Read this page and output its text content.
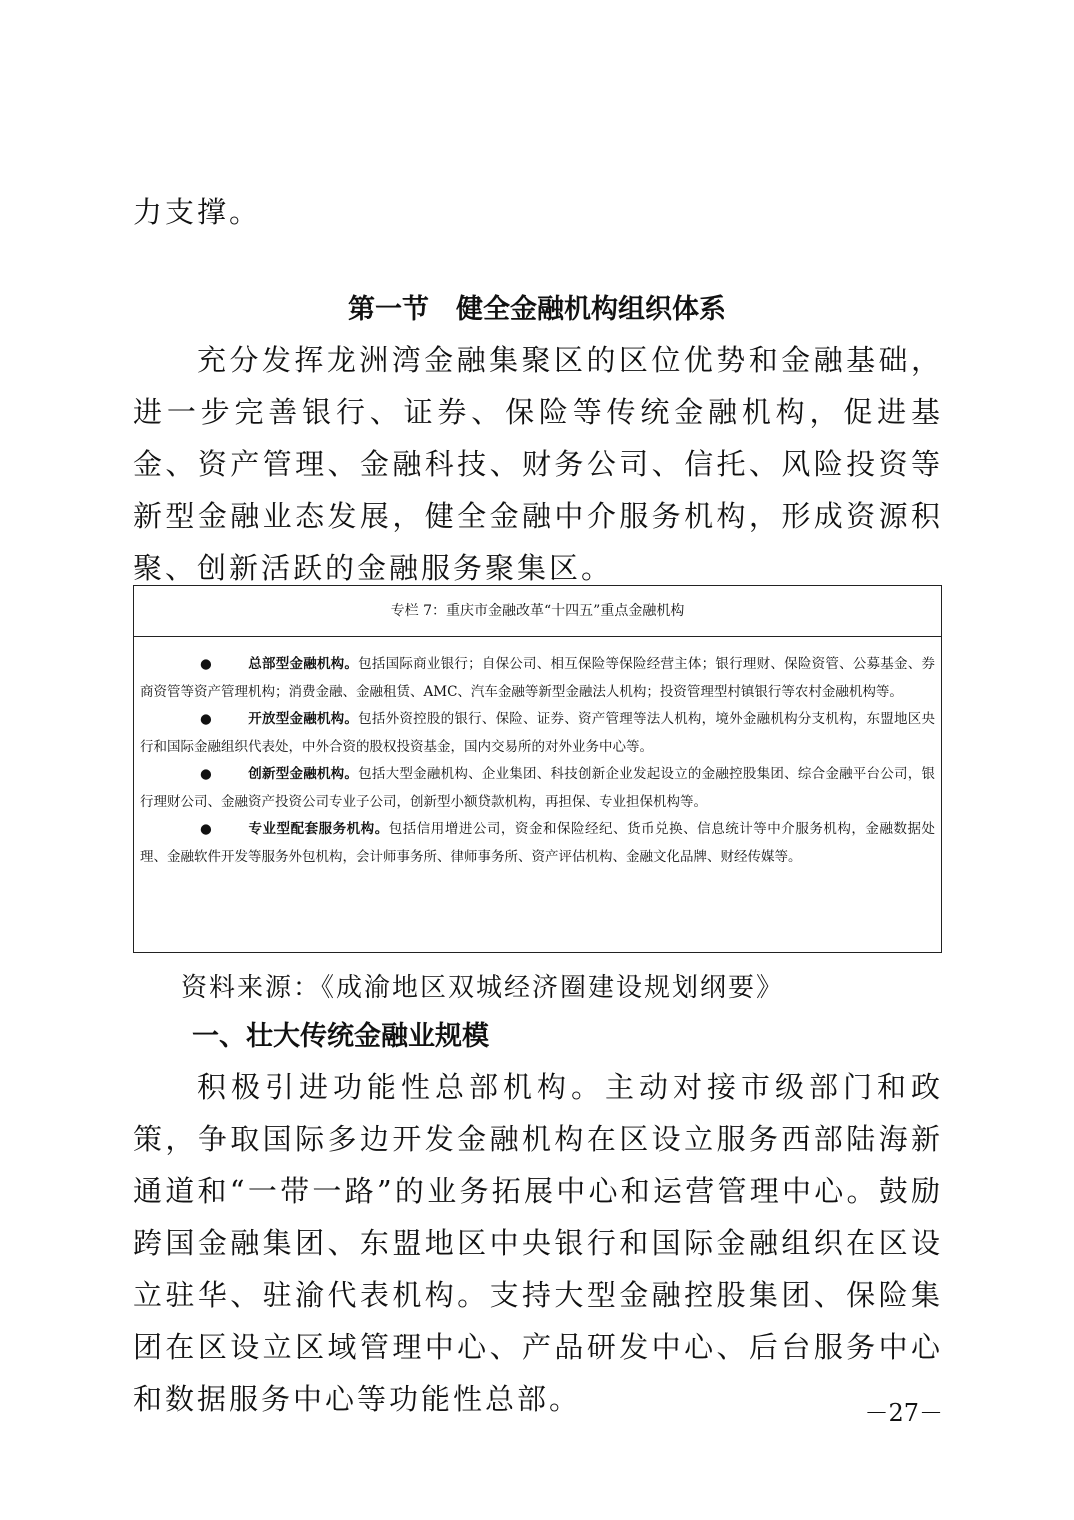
力支撑。

第一节　健全金融机构组织体系

充分发挥龙洲湾金融集聚区的区位优势和金融基础，进一步完善银行、证券、保险等传统金融机构，促进基金、资产管理、金融科技、财务公司、信托、风险投资等新型金融业态发展，健全金融中介服务机构，形成资源积聚、创新活跃的金融服务聚集区。

专栏 7：重庆市金融改革“十四五”重点金融机构

●	总部型金融机构。包括国际商业银行；自保公司、相互保险等保险经营主体；银行理财、保险资管、公募基金、券商资管等资产管理机构；消费金融、金融租赁、AMC、汽车金融等新型金融法人机构；投资管理型村镇银行等农村金融机构等。

●	开放型金融机构。包括外资控股的银行、保险、证券、资产管理等法人机构，境外金融机构分支机构，东盟地区央行和国际金融组织代表处，中外合资的股权投资基金，国内交易所的对外业务中心等。

●	创新型金融机构。包括大型金融机构、企业集团、科技创新企业发起设立的金融控股集团、综合金融平台公司，银行理财公司、金融资产投资公司专业子公司，创新型小额贷款机构，再担保、专业担保机构等。

●	专业型配套服务机构。包括信用增进公司，资金和保险经纪、货币兑换、信息统计等中介服务机构，金融数据处理、金融软件开发等服务外包机构，会计师事务所、律师事务所、资产评估机构、金融文化品牌、财经传媒等。

资料来源：《成渝地区双城经济圈建设规划纲要》

一、壮大传统金融业规模

积极引进功能性总部机构。主动对接市级部门和政策，争取国际多边开发金融机构在区设立服务西部陆海新通道和“一带一路”的业务拓展中心和运营管理中心。鼓励跨国金融集团、东盟地区中央银行和国际金融组织在区设立驻华、驻渝代表机构。支持大型金融控股集团、保险集团在区设立区域管理中心、产品研发中心、后台服务中心和数据服务中心等功能性总部。	－27－
